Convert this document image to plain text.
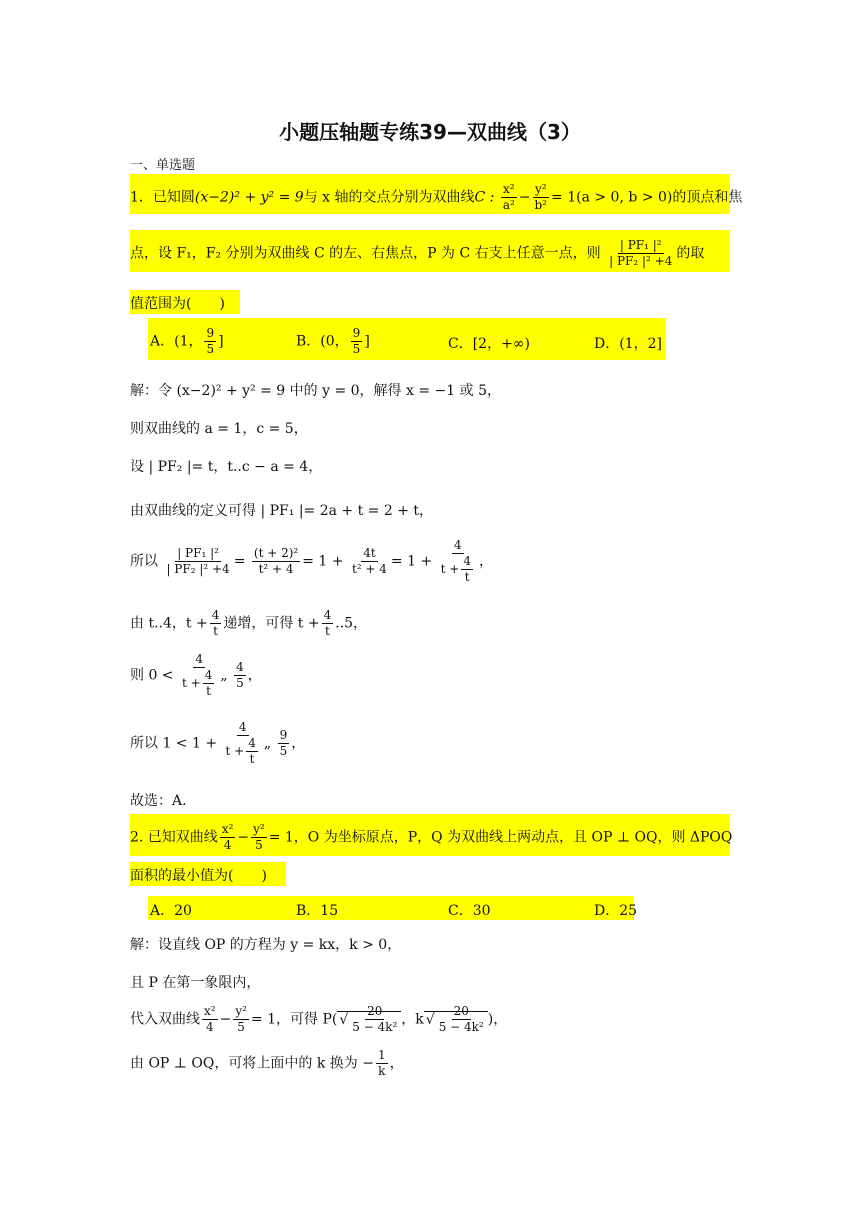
小题压轴题专练39—双曲线（3）
一、单选题
1．已知圆(x−2)² + y² = 9与 x 轴的交点分别为双曲线C : $\frac{\text{x²}}{\text{a²}} - \frac{\text{y²}}{\text{b²}} = 1(a > 0$, b > 0)的顶点和焦
点，设 F₁，F₂ 分别为双曲线 C 的左、右焦点，P 为 C 右支上任意一点，则 $\frac{\text{| PF₁ |²}}{\text{| PF₂ |² +4}}$ 的取
值范围为(　　)
A．(1， $\frac{9}{5}$ ]	B．(0， $\frac{9}{5}$ ]	C．[2，+∞)	D．(1，2]
解：令 (x−2)² + y² = 9 中的 y = 0，解得 x = −1 或 5，
则双曲线的 a = 1，c = 5，
设 | PF₂ |= t，t..c − a = 4，
由双曲线的定义可得 | PF₁ |= 2a + t = 2 + t，
所以 $\frac{\text{| PF₁ |²}}{\text{| PF₂ |² +4}} = \frac{\text{(t + 2)²}}{\text{t² + 4}} = 1 + \frac{4t}{\text{t² + 4}} = 1 + \frac{4}{t + \frac{4}{t}}$ ，
由 t..4，$t + \frac{4}{t}$ 递增，可得 $t + \frac{4}{t} ..5$，
则 $0 < \frac{4}{t + \frac{4}{t}}$ „ $\frac{4}{5}$ ，
所以 $1 < 1 + \frac{4}{t + \frac{4}{t}}$ „ $\frac{9}{5}$ ，
故选：A．
2. 已知双曲线 $\frac{\text{x²}}{4} - \frac{\text{y²}}{5} = 1$，O 为坐标原点，P，Q 为双曲线上两动点，且 OP ⊥ OQ，则 ΔPOQ
面积的最小值为(　　)
A．20	B．15	C．30	D．25
解：设直线 OP 的方程为 y = kx，k > 0，
且 P 在第一象限内，
代入双曲线 $\frac{\text{x²}}{4} - \frac{\text{y²}}{5} = 1$，可得 P( √ $\frac{20}{\text{5 − 4k²}}$ ，k √ $\frac{20}{\text{5 − 4k²}}$ )，
由 OP ⊥ OQ，可将上面中的 k 换为 − $\frac{1}{k}$ ，
